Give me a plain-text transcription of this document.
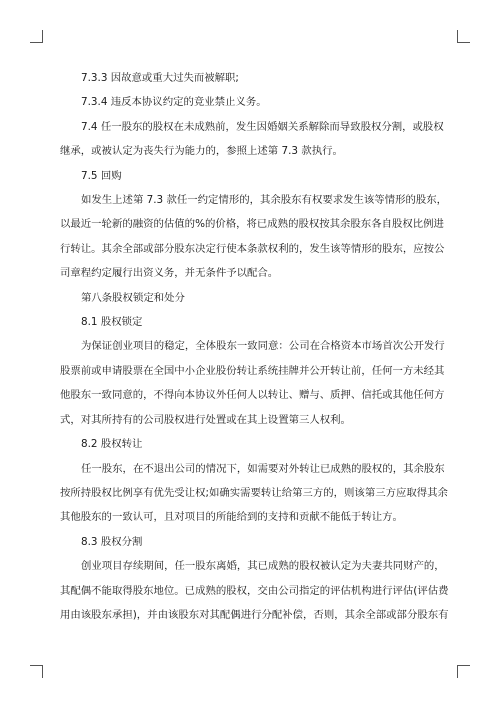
7.3.3 因故意或重大过失而被解职;

7.3.4 违反本协议约定的竞业禁止义务。

7.4 任一股东的股权在未成熟前，发生因婚姻关系解除而导致股权分割，或股权

继承，或被认定为丧失行为能力的，参照上述第 7.3 款执行。

7.5 回购

如发生上述第 7.3 款任一约定情形的，其余股东有权要求发生该等情形的股东，

以最近一轮新的融资的估值的%的价格，将已成熟的股权按其余股东各自股权比例进

行转让。其余全部或部分股东决定行使本条款权利的，发生该等情形的股东，应按公

司章程约定履行出资义务，并无条件予以配合。

第八条股权锁定和处分

8.1 股权锁定

为保证创业项目的稳定，全体股东一致同意：公司在合格资本市场首次公开发行

股票前或申请股票在全国中小企业股份转让系统挂牌并公开转让前，任何一方未经其

他股东一致同意的，不得向本协议外任何人以转让、赠与、质押、信托或其他任何方

式，对其所持有的公司股权进行处置或在其上设置第三人权利。

8.2 股权转让

任一股东，在不退出公司的情况下，如需要对外转让已成熟的股权的，其余股东

按所持股权比例享有优先受让权;如确实需要转让给第三方的，则该第三方应取得其余

其他股东的一致认可，且对项目的所能给到的支持和贡献不能低于转让方。

8.3 股权分割

创业项目存续期间，任一股东离婚，其已成熟的股权被认定为夫妻共同财产的，

其配偶不能取得股东地位。已成熟的股权，交由公司指定的评估机构进行评估(评估费

用由该股东承担)，并由该股东对其配偶进行分配补偿，否则，其余全部或部分股东有
